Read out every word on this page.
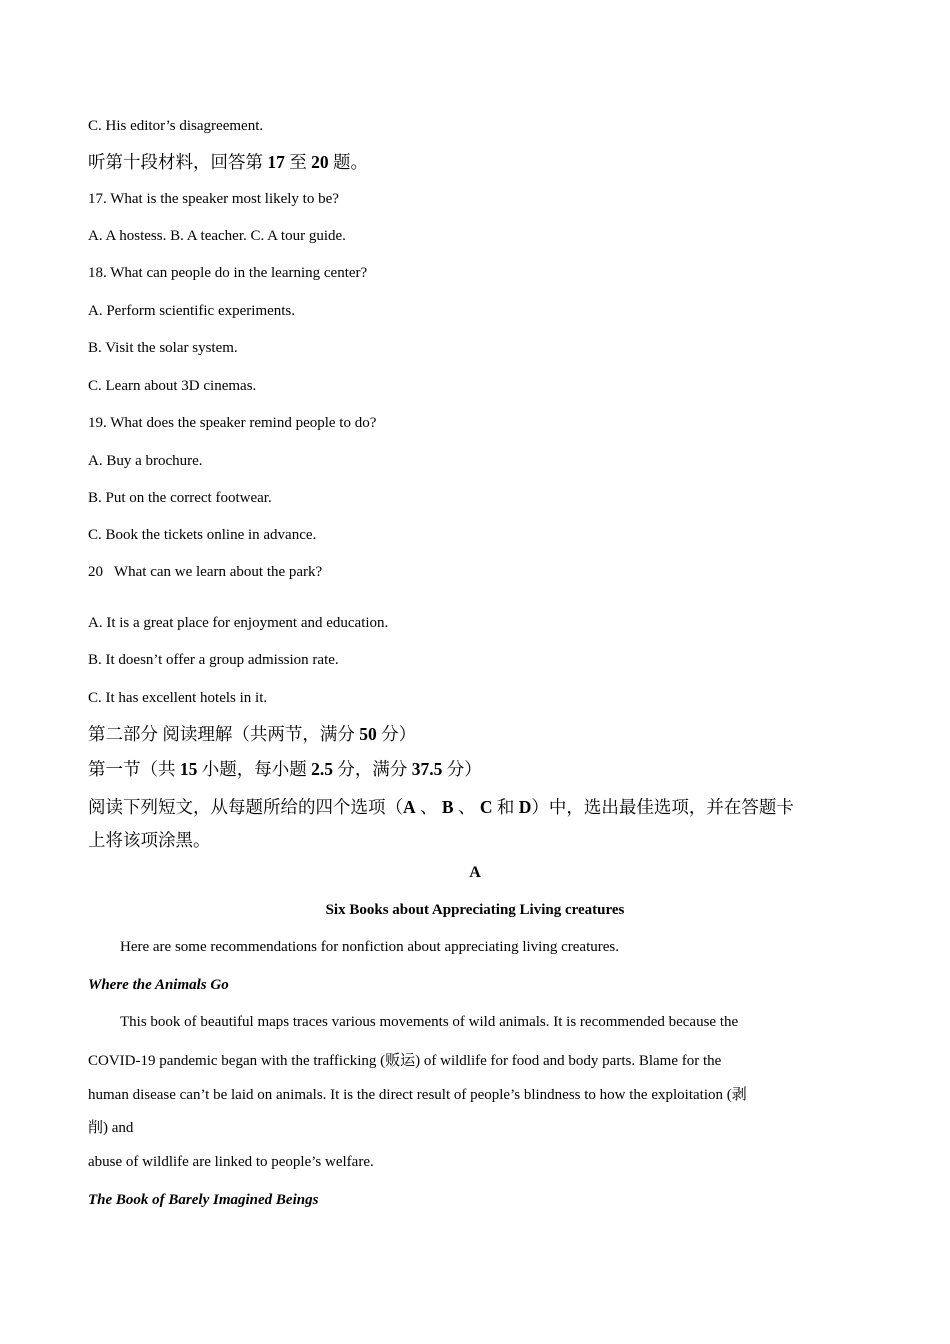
C. His editor’s disagreement.

听第十段材料，回答第 17 至 20 题。

17. What is the speaker most likely to be?

A. A hostess. B. A teacher. C. A tour guide.

18. What can people do in the learning center?

A. Perform scientific experiments.

B. Visit the solar system.

C. Learn about 3D cinemas.

19. What does the speaker remind people to do?

A. Buy a brochure.

B. Put on the correct footwear.

C. Book the tickets online in advance.

20   What can we learn about the park?

A. It is a great place for enjoyment and education.

B. It doesn’t offer a group admission rate.

C. It has excellent hotels in it.

第二部分 阅读理解（共两节，满分 50 分）

第一节（共 15 小题，每小题 2.5 分，满分 37.5 分）

阅读下列短文，从每题所给的四个选项（A 、 B 、 C 和 D）中，选出最佳选项，并在答题卡

上将该项涂黑。

A

Six Books about Appreciating Living creatures

Here are some recommendations for nonfiction about appreciating living creatures.

Where the Animals Go

This book of beautiful maps traces various movements of wild animals. It is recommended because the

COVID-19 pandemic began with the trafficking (贩运) of wildlife for food and body parts. Blame for the

human disease can’t be laid on animals. It is the direct result of people’s blindness to how the exploitation (剥

削) and

abuse of wildlife are linked to people’s welfare.

The Book of Barely Imagined Beings
